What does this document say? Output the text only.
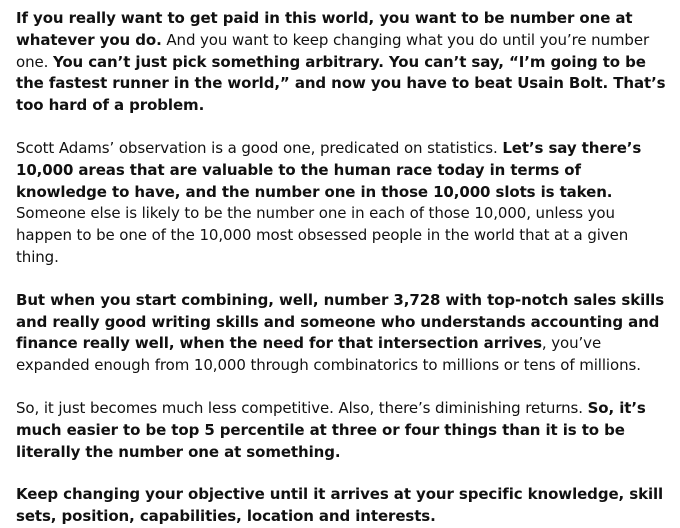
If you really want to get paid in this world, you want to be number one at whatever you do. And you want to keep changing what you do until you’re number one. You can’t just pick something arbitrary. You can’t say, “I’m going to be the fastest runner in the world,” and now you have to beat Usain Bolt. That’s too hard of a problem.

Scott Adams’ observation is a good one, predicated on statistics. Let’s say there’s 10,000 areas that are valuable to the human race today in terms of knowledge to have, and the number one in those 10,000 slots is taken. Someone else is likely to be the number one in each of those 10,000, unless you happen to be one of the 10,000 most obsessed people in the world that at a given thing.

But when you start combining, well, number 3,728 with top-notch sales skills and really good writing skills and someone who understands accounting and finance really well, when the need for that intersection arrives, you’ve expanded enough from 10,000 through combinatorics to millions or tens of millions.

So, it just becomes much less competitive. Also, there’s diminishing returns. So, it’s much easier to be top 5 percentile at three or four things than it is to be literally the number one at something.

Keep changing your objective until it arrives at your specific knowledge, skill sets, position, capabilities, location and interests.
